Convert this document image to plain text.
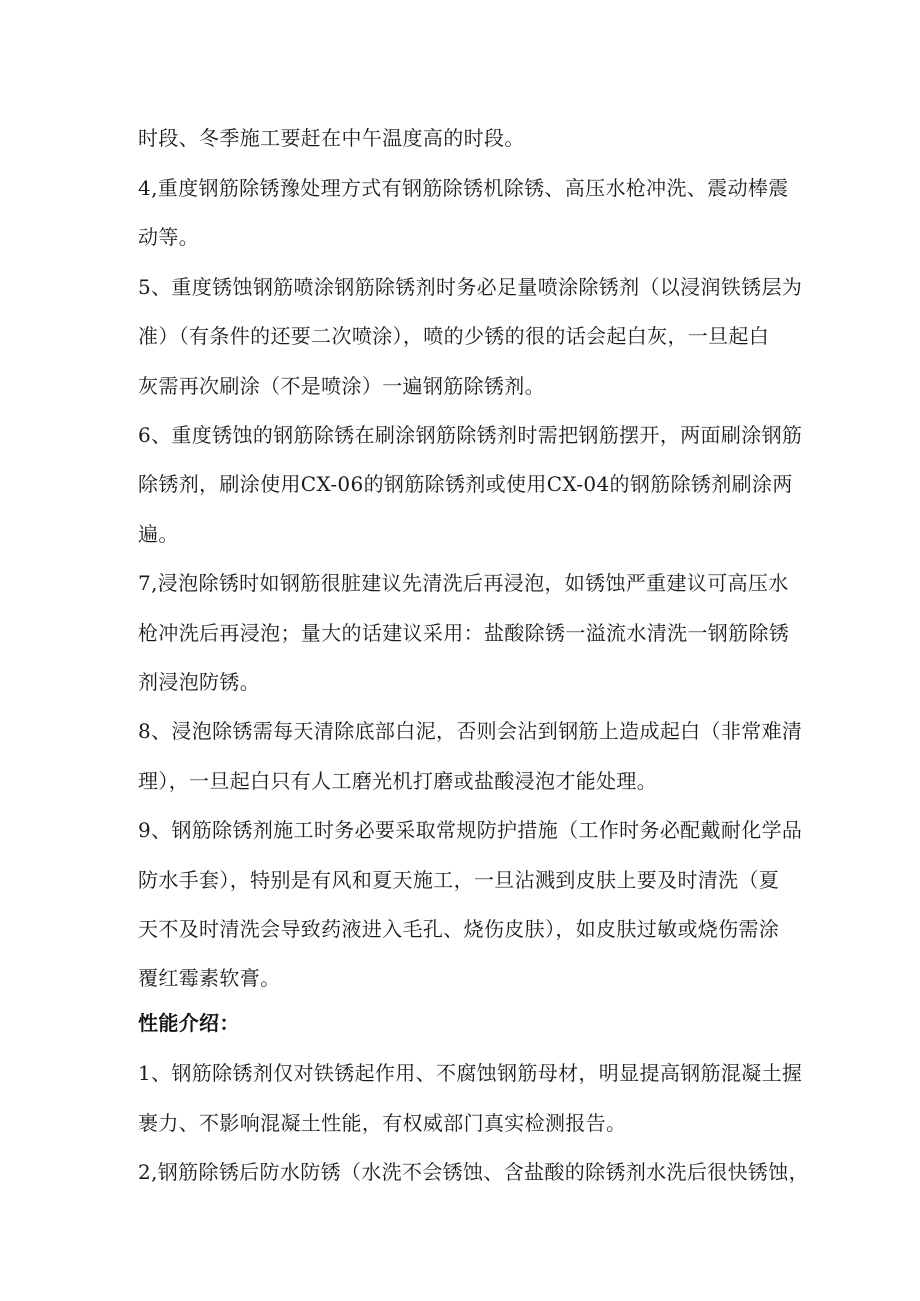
时段、冬季施工要赶在中午温度高的时段。
4,重度钢筋除锈豫处理方式有钢筋除锈机除锈、高压水枪冲洗、震动棒震
动等。
5、重度锈蚀钢筋喷涂钢筋除锈剂时务必足量喷涂除锈剂（以浸润铁锈层为
准）（有条件的还要二次喷涂），喷的少锈的很的话会起白灰，一旦起白
灰需再次刷涂（不是喷涂）一遍钢筋除锈剂。
6、重度锈蚀的钢筋除锈在刷涂钢筋除锈剂时需把钢筋摆开，两面刷涂钢筋
除锈剂，刷涂使用CX-06的钢筋除锈剂或使用CX-04的钢筋除锈剂刷涂两
遍。
7,浸泡除锈时如钢筋很脏建议先清洗后再浸泡，如锈蚀严重建议可高压水
枪冲洗后再浸泡；量大的话建议采用：盐酸除锈一溢流水清洗一钢筋除锈
剂浸泡防锈。
8、浸泡除锈需每天清除底部白泥，否则会沾到钢筋上造成起白（非常难清
理），一旦起白只有人工磨光机打磨或盐酸浸泡才能处理。
9、钢筋除锈剂施工时务必要采取常规防护措施（工作时务必配戴耐化学品
防水手套），特别是有风和夏天施工，一旦沾溅到皮肤上要及时清洗（夏
天不及时清洗会导致药液进入毛孔、烧伤皮肤），如皮肤过敏或烧伤需涂
覆红霉素软膏。
性能介绍：
1、钢筋除锈剂仅对铁锈起作用、不腐蚀钢筋母材，明显提高钢筋混凝土握
裹力、不影响混凝土性能，有权威部门真实检测报告。
2,钢筋除锈后防水防锈（水洗不会锈蚀、含盐酸的除锈剂水洗后很快锈蚀，
